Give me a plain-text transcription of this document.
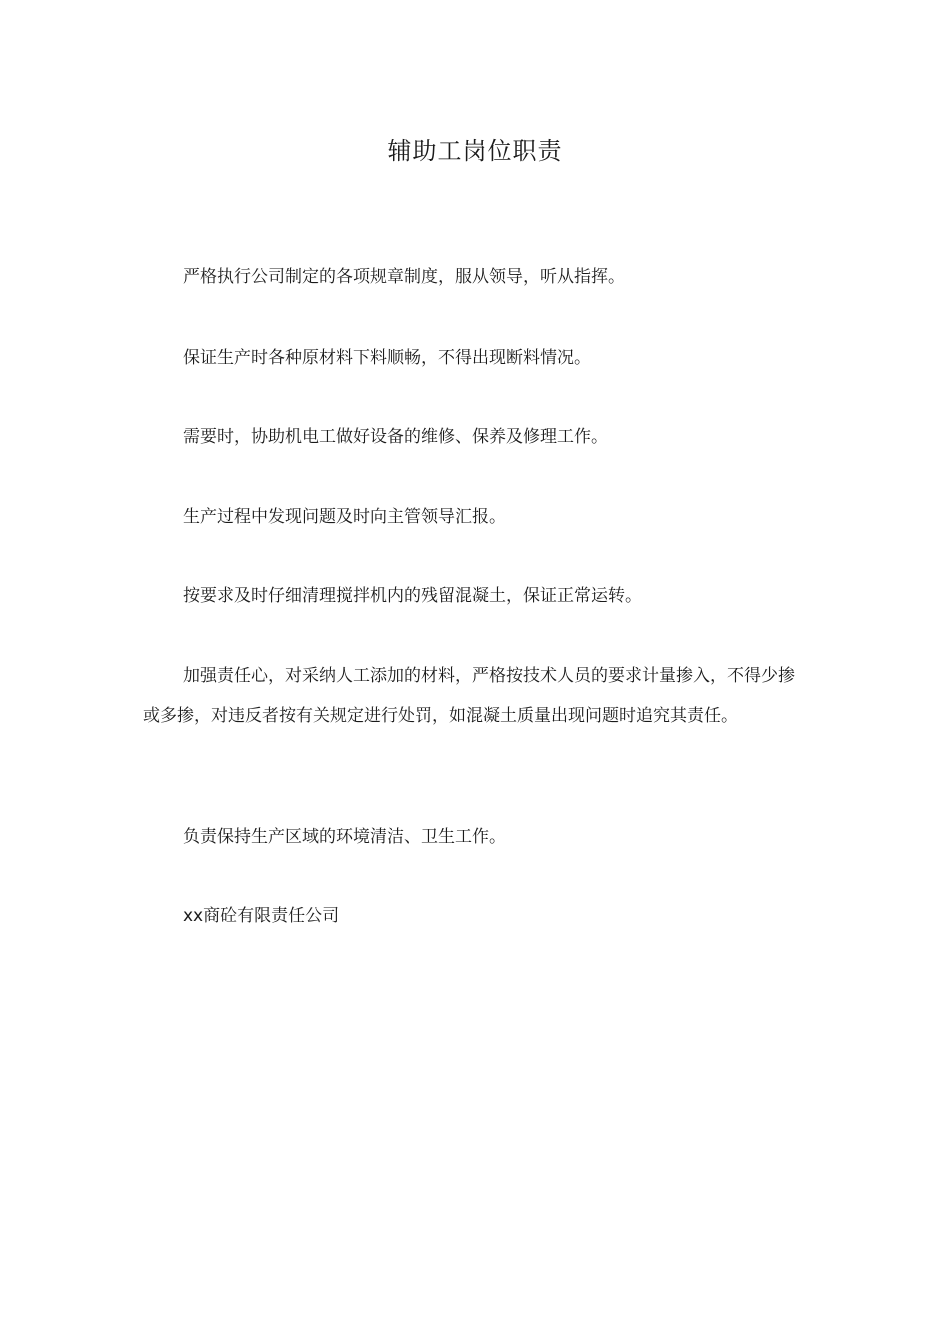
辅助工岗位职责

严格执行公司制定的各项规章制度，服从领导，听从指挥。

保证生产时各种原材料下料顺畅，不得出现断料情况。

需要时，协助机电工做好设备的维修、保养及修理工作。

生产过程中发现问题及时向主管领导汇报。

按要求及时仔细清理搅拌机内的残留混凝土，保证正常运转。

加强责任心，对采纳人工添加的材料，严格按技术人员的要求计量掺入，不得少掺或多掺，对违反者按有关规定进行处罚，如混凝土质量出现问题时追究其责任。

负责保持生产区域的环境清洁、卫生工作。

xx商砼有限责任公司
